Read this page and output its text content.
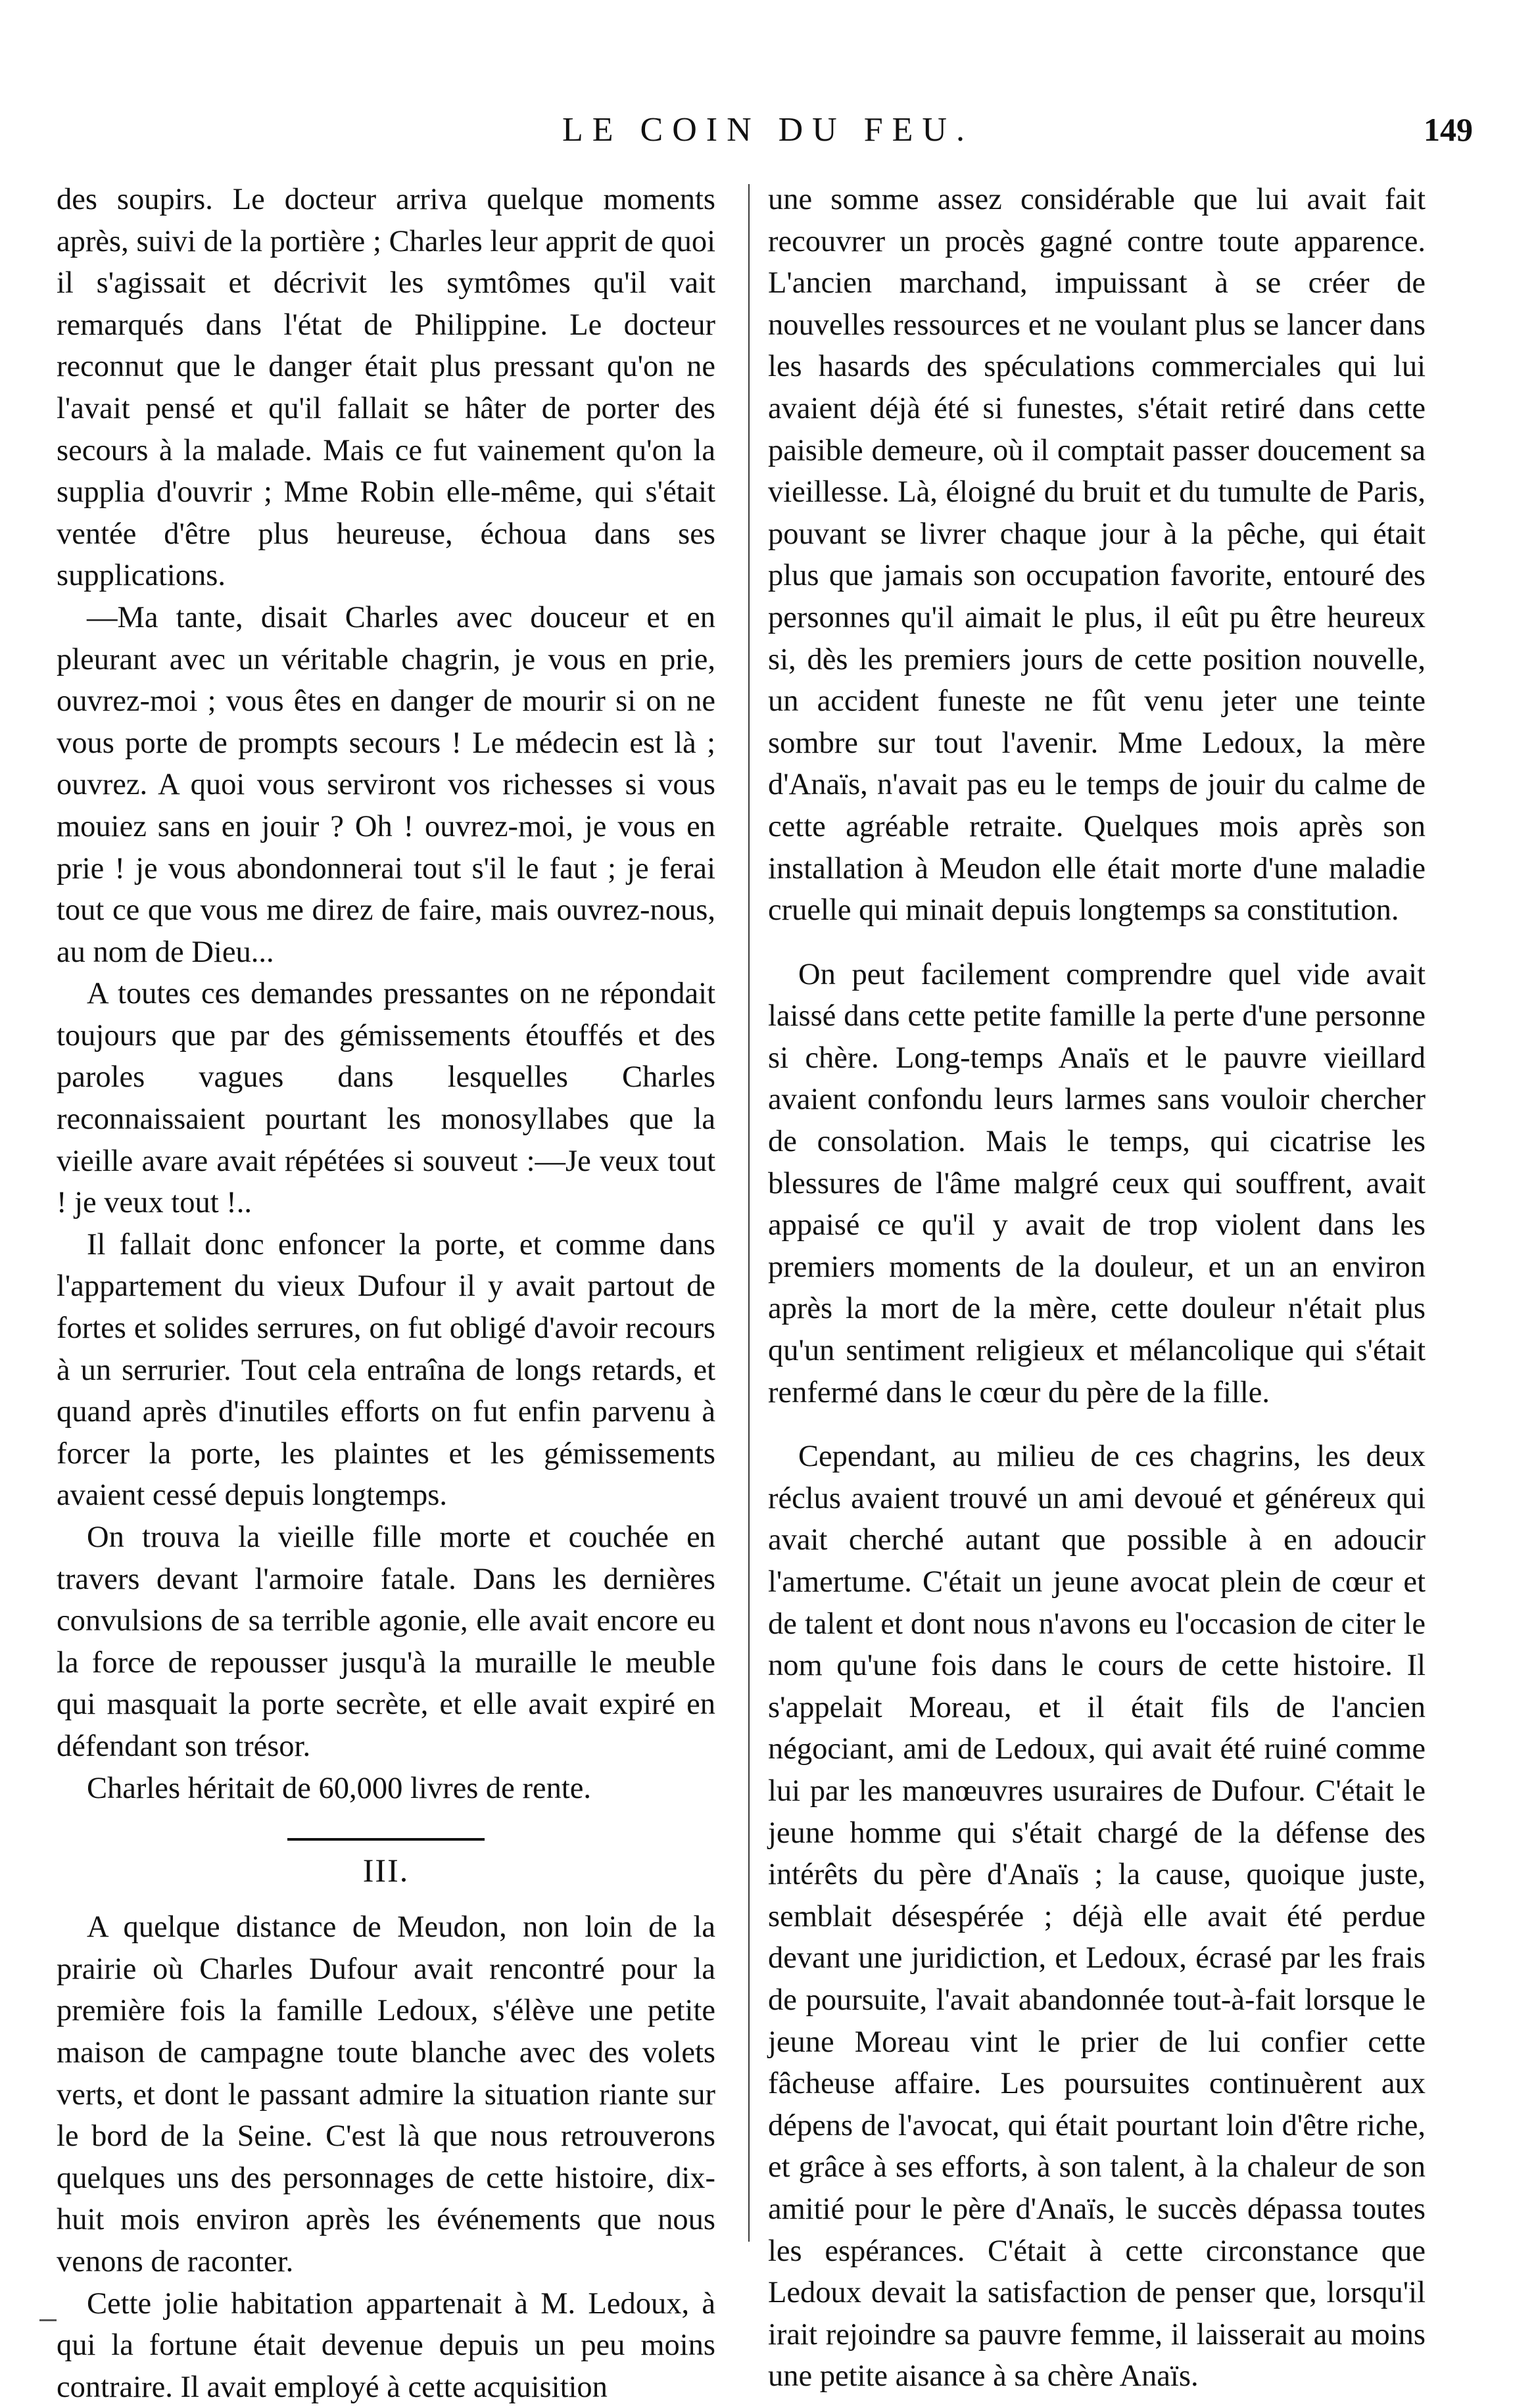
LE COIN DU FEU.	149

des soupirs. Le docteur arriva quelque moments après, suivi de la portière ; Charles leur apprit de quoi il s'agissait et décrivit les symtômes qu'il vait remarqués dans l'état de Philippine. Le docteur reconnut que le danger était plus pressant qu'on ne l'avait pensé et qu'il fallait se hâter de porter des secours à la malade. Mais ce fut vainement qu'on la supplia d'ouvrir ; Mme Robin elle-même, qui s'était ventée d'être plus heureuse, échoua dans ses supplications.

—Ma tante, disait Charles avec douceur et en pleurant avec un véritable chagrin, je vous en prie, ouvrez-moi ; vous êtes en danger de mourir si on ne vous porte de prompts secours ! Le médecin est là ; ouvrez. A quoi vous serviront vos richesses si vous mouiez sans en jouir ? Oh ! ouvrez-moi, je vous en prie ! je vous abondonnerai tout s'il le faut ; je ferai tout ce que vous me direz de faire, mais ouvrez-nous, au nom de Dieu...

A toutes ces demandes pressantes on ne répondait toujours que par des gémissements étouffés et des paroles vagues dans lesquelles Charles reconnaissaient pourtant les monosyllabes que la vieille avare avait répétées si souveut :—Je veux tout ! je veux tout !..

Il fallait donc enfoncer la porte, et comme dans l'appartement du vieux Dufour il y avait partout de fortes et solides serrures, on fut obligé d'avoir recours à un serrurier. Tout cela entraîna de longs retards, et quand après d'inutiles efforts on fut enfin parvenu à forcer la porte, les plaintes et les gémissements avaient cessé depuis longtemps.

On trouva la vieille fille morte et couchée en travers devant l'armoire fatale. Dans les dernières convulsions de sa terrible agonie, elle avait encore eu la force de repousser jusqu'à la muraille le meuble qui masquait la porte secrète, et elle avait expiré en défendant son trésor.

Charles héritait de 60,000 livres de rente.

III.

A quelque distance de Meudon, non loin de la prairie où Charles Dufour avait rencontré pour la première fois la famille Ledoux, s'élève une petite maison de campagne toute blanche avec des volets verts, et dont le passant admire la situation riante sur le bord de la Seine. C'est là que nous retrouverons quelques uns des personnages de cette histoire, dix-huit mois environ après les événements que nous venons de raconter.

Cette jolie habitation appartenait à M. Ledoux, à qui la fortune était devenue depuis un peu moins contraire. Il avait employé à cette acquisition

une somme assez considérable que lui avait fait recouvrer un procès gagné contre toute apparence. L'ancien marchand, impuissant à se créer de nouvelles ressources et ne voulant plus se lancer dans les hasards des spéculations commerciales qui lui avaient déjà été si funestes, s'était retiré dans cette paisible demeure, où il comptait passer doucement sa vieillesse. Là, éloigné du bruit et du tumulte de Paris, pouvant se livrer chaque jour à la pêche, qui était plus que jamais son occupation favorite, entouré des personnes qu'il aimait le plus, il eût pu être heureux si, dès les premiers jours de cette position nouvelle, un accident funeste ne fût venu jeter une teinte sombre sur tout l'avenir. Mme Ledoux, la mère d'Anaïs, n'avait pas eu le temps de jouir du calme de cette agréable retraite. Quelques mois après son installation à Meudon elle était morte d'une maladie cruelle qui minait depuis longtemps sa constitution.

On peut facilement comprendre quel vide avait laissé dans cette petite famille la perte d'une personne si chère. Long-temps Anaïs et le pauvre vieillard avaient confondu leurs larmes sans vouloir chercher de consolation. Mais le temps, qui cicatrise les blessures de l'âme malgré ceux qui souffrent, avait appaisé ce qu'il y avait de trop violent dans les premiers moments de la douleur, et un an environ après la mort de la mère, cette douleur n'était plus qu'un sentiment religieux et mélancolique qui s'était renfermé dans le cœur du père de la fille.

Cependant, au milieu de ces chagrins, les deux réclus avaient trouvé un ami devoué et généreux qui avait cherché autant que possible à en adoucir l'amertume. C'était un jeune avocat plein de cœur et de talent et dont nous n'avons eu l'occasion de citer le nom qu'une fois dans le cours de cette histoire. Il s'appelait Moreau, et il était fils de l'ancien négociant, ami de Ledoux, qui avait été ruiné comme lui par les manœuvres usuraires de Dufour. C'était le jeune homme qui s'était chargé de la défense des intérêts du père d'Anaïs ; la cause, quoique juste, semblait désespérée ; déjà elle avait été perdue devant une juridiction, et Ledoux, écrasé par les frais de poursuite, l'avait abandonnée tout-à-fait lorsque le jeune Moreau vint le prier de lui confier cette fâcheuse affaire. Les poursuites continuèrent aux dépens de l'avocat, qui était pourtant loin d'être riche, et grâce à ses efforts, à son talent, à la chaleur de son amitié pour le père d'Anaïs, le succès dépassa toutes les espérances. C'était à cette circonstance que Ledoux devait la satisfaction de penser que, lorsqu'il irait rejoindre sa pauvre femme, il laisserait au moins une petite aisance à sa chère Anaïs.
